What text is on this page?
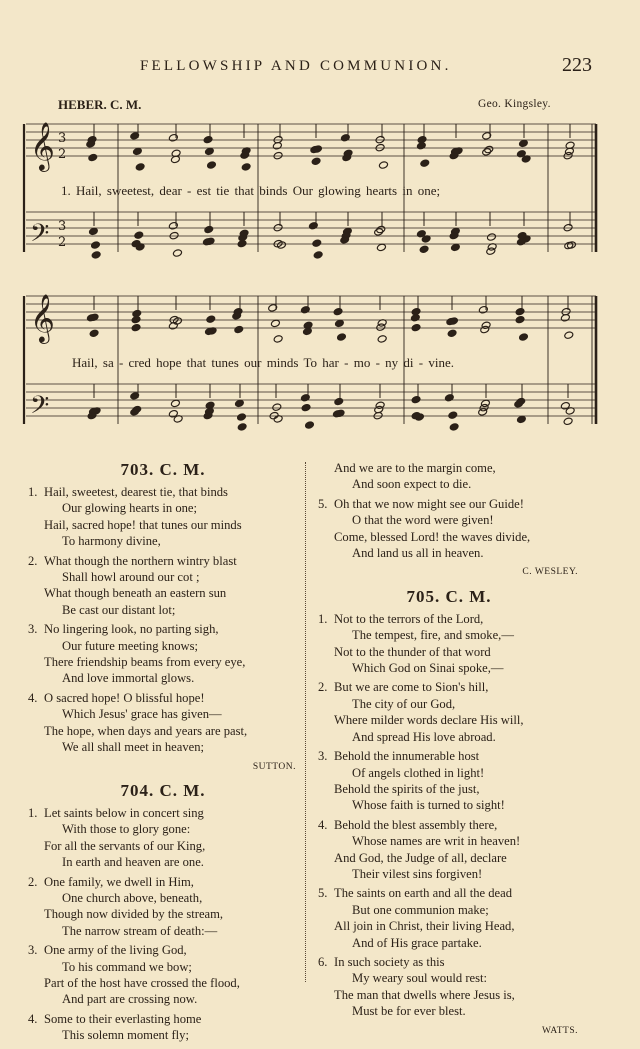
FELLOWSHIP AND COMMUNION.	223
HEBER. C. M.	Geo. Kingsley.
𝄞
𝄢
𝄞
𝄢
3
2
3
2
1. Hail, sweetest, dear - est tie that binds Our glowing hearts in one;
Hail, sa - cred hope that tunes our minds To har - mo - ny di - vine.
703. C. M.
1. Hail, sweetest, dearest tie, that binds
Our glowing hearts in one;
Hail, sacred hope! that tunes our minds
To harmony divine,
2. What though the northern wintry blast
Shall howl around our cot ;
What though beneath an eastern sun
Be cast our distant lot;
3. No lingering look, no parting sigh,
Our future meeting knows;
There friendship beams from every eye,
And love immortal glows.
4. O sacred hope! O blissful hope!
Which Jesus' grace has given—
The hope, when days and years are past,
We all shall meet in heaven;
SUTTON.
704. C. M.
1. Let saints below in concert sing
With those to glory gone:
For all the servants of our King,
In earth and heaven are one.
2. One family, we dwell in Him,
One church above, beneath,
Though now divided by the stream,
The narrow stream of death:—
3. One army of the living God,
To his command we bow;
Part of the host have crossed the flood,
And part are crossing now.
4. Some to their everlasting home
This solemn moment fly;
And we are to the margin come,
And soon expect to die.
5. Oh that we now might see our Guide!
O that the word were given!
Come, blessed Lord! the waves divide,
And land us all in heaven.
C. WESLEY.
705. C. M.
1. Not to the terrors of the Lord,
The tempest, fire, and smoke,—
Not to the thunder of that word
Which God on Sinai spoke,—
2. But we are come to Sion's hill,
The city of our God,
Where milder words declare His will,
And spread His love abroad.
3. Behold the innumerable host
Of angels clothed in light!
Behold the spirits of the just,
Whose faith is turned to sight!
4. Behold the blest assembly there,
Whose names are writ in heaven!
And God, the Judge of all, declare
Their vilest sins forgiven!
5. The saints on earth and all the dead
But one communion make;
All join in Christ, their living Head,
And of His grace partake.
6. In such society as this
My weary soul would rest:
The man that dwells where Jesus is,
Must be for ever blest.
WATTS.
